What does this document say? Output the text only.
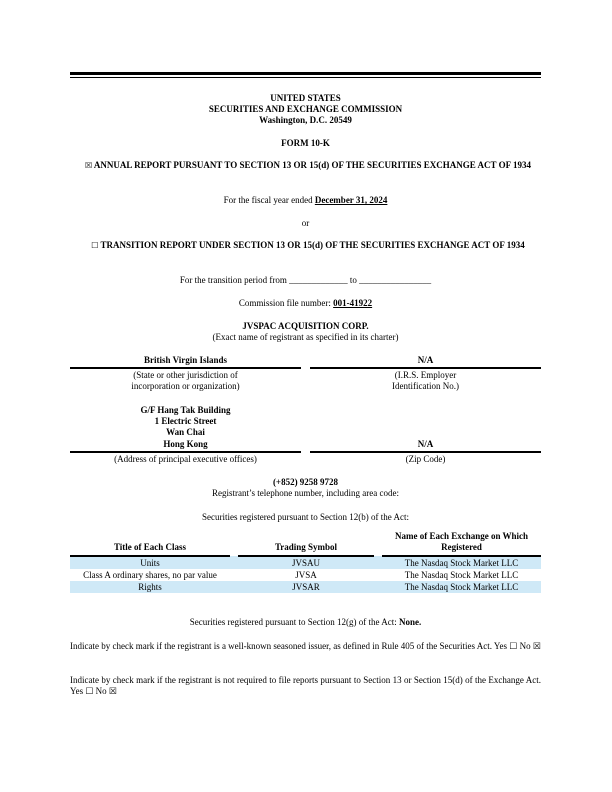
UNITED STATES
SECURITIES AND EXCHANGE COMMISSION
Washington, D.C. 20549
FORM 10-K
☒ ANNUAL REPORT PURSUANT TO SECTION 13 OR 15(d) OF THE SECURITIES EXCHANGE ACT OF 1934
For the fiscal year ended December 31, 2024
or
☐ TRANSITION REPORT UNDER SECTION 13 OR 15(d) OF THE SECURITIES EXCHANGE ACT OF 1934
For the transition period from _____________ to ________________
Commission file number: 001-41922
JVSPAC ACQUISITION CORP.
(Exact name of registrant as specified in its charter)
British Virgin Islands	N/A
(State or other jurisdiction of
incorporation or organization)
(I.R.S. Employer
Identification No.)
G/F Hang Tak Building
1 Electric Street
Wan Chai
Hong Kong	N/A
(Address of principal executive offices)	(Zip Code)
(+852) 9258 9728
Registrant’s telephone number, including area code:
Securities registered pursuant to Section 12(b) of the Act:
Title of Each Class		Trading Symbol		Name of Each Exchange on Which Registered
Units		JVSAU		The Nasdaq Stock Market LLC
Class A ordinary shares, no par value		JVSA		The Nasdaq Stock Market LLC
Rights		JVSAR		The Nasdaq Stock Market LLC
Securities registered pursuant to Section 12(g) of the Act: None.
Indicate by check mark if the registrant is a well-known seasoned issuer, as defined in Rule 405 of the Securities Act. Yes ☐ No ☒
Indicate by check mark if the registrant is not required to file reports pursuant to Section 13 or Section 15(d) of the Exchange Act. Yes ☐ No ☒
